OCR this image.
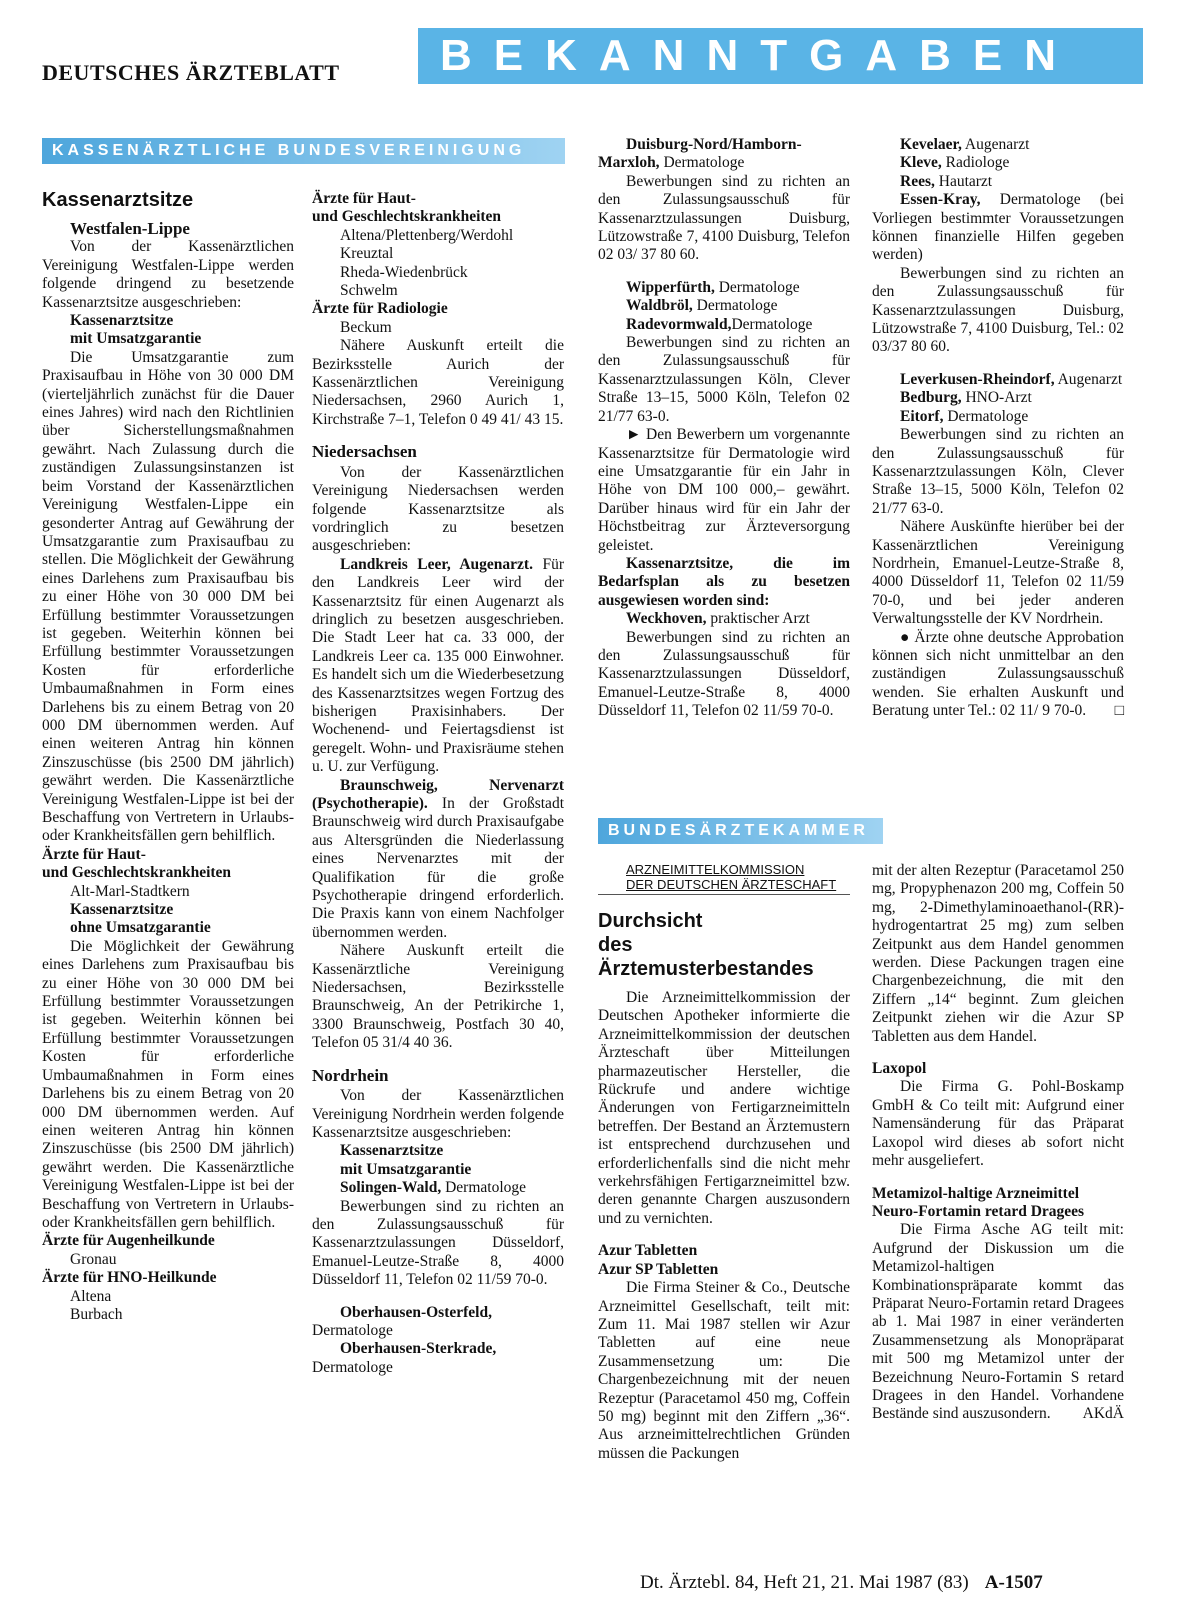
DEUTSCHES ÄRZTEBLATT	BEKANNTGABEN
KASSENÄRZTLICHE BUNDESVEREINIGUNG
BUNDESÄRZTEKAMMER

Kassenarztsitze

Westfalen-Lippe

Von der Kassenärztlichen Vereinigung Westfalen-Lippe werden folgende dringend zu besetzende Kassenarztsitze ausgeschrieben:

Kassenarztsitze

mit Umsatzgarantie

Die Umsatzgarantie zum Praxisaufbau in Höhe von 30 000 DM (vierteljährlich zunächst für die Dauer eines Jahres) wird nach den Richtlinien über Sicherstellungsmaßnahmen gewährt. Nach Zulassung durch die zuständigen Zulassungsinstanzen ist beim Vorstand der Kassenärztlichen Vereinigung Westfalen-Lippe ein gesonderter Antrag auf Gewährung der Umsatzgarantie zum Praxisaufbau zu stellen. Die Möglichkeit der Gewährung eines Darlehens zum Praxisaufbau bis zu einer Höhe von 30 000 DM bei Erfüllung bestimmter Voraussetzungen ist gegeben. Weiterhin können bei Erfüllung bestimmter Voraussetzungen Kosten für erforderliche Umbaumaßnahmen in Form eines Darlehens bis zu einem Betrag von 20 000 DM übernommen werden. Auf einen weiteren Antrag hin können Zinszuschüsse (bis 2500 DM jährlich) gewährt werden. Die Kassenärztliche Vereinigung Westfalen-Lippe ist bei der Beschaffung von Vertretern in Urlaubs- oder Krankheitsfällen gern behilflich.

Ärzte für Haut-

und Geschlechtskrankheiten

Alt-Marl-Stadtkern

Kassenarztsitze

ohne Umsatzgarantie

Die Möglichkeit der Gewährung eines Darlehens zum Praxisaufbau bis zu einer Höhe von 30 000 DM bei Erfüllung bestimmter Voraussetzungen ist gegeben. Weiterhin können bei Erfüllung bestimmter Voraussetzungen Kosten für erforderliche Umbaumaßnahmen in Form eines Darlehens bis zu einem Betrag von 20 000 DM übernommen werden. Auf einen weiteren Antrag hin können Zinszuschüsse (bis 2500 DM jährlich) gewährt werden. Die Kassenärztliche Vereinigung Westfalen-Lippe ist bei der Beschaffung von Vertretern in Urlaubs- oder Krankheitsfällen gern behilflich.

Ärzte für Augenheilkunde

Gronau

Ärzte für HNO-Heilkunde

Altena

Burbach

Ärzte für Haut-

und Geschlechtskrankheiten

Altena/Plettenberg/Werdohl

Kreuztal

Rheda-Wiedenbrück

Schwelm

Ärzte für Radiologie

Beckum

Nähere Auskunft erteilt die Bezirksstelle Aurich der Kassenärztlichen Vereinigung Niedersachsen, 2960 Aurich 1, Kirchstraße 7–1, Telefon 0 49 41/ 43 15.

Niedersachsen

Von der Kassenärztlichen Vereinigung Niedersachsen werden folgende Kassenarztsitze als vordringlich zu besetzen ausgeschrieben:

Landkreis Leer, Augenarzt. Für den Landkreis Leer wird der Kassenarztsitz für einen Augenarzt als dringlich zu besetzen ausgeschrieben. Die Stadt Leer hat ca. 33 000, der Landkreis Leer ca. 135 000 Einwohner. Es handelt sich um die Wiederbesetzung des Kassenarztsitzes wegen Fortzug des bisherigen Praxisinhabers. Der Wochenend- und Feiertagsdienst ist geregelt. Wohn- und Praxisräume stehen u. U. zur Verfügung.

Braunschweig, Nervenarzt (Psychotherapie). In der Großstadt Braunschweig wird durch Praxisaufgabe aus Altersgründen die Niederlassung eines Nervenarztes mit der Qualifikation für die große Psychotherapie dringend erforderlich. Die Praxis kann von einem Nachfolger übernommen werden.

Nähere Auskunft erteilt die Kassenärztliche Vereinigung Niedersachsen, Bezirksstelle Braunschweig, An der Petrikirche 1, 3300 Braunschweig, Postfach 30 40, Telefon 05 31/4 40 36.

Nordrhein

Von der Kassenärztlichen Vereinigung Nordrhein werden folgende Kassenarztsitze ausgeschrieben:

Kassenarztsitze

mit Umsatzgarantie

Solingen-Wald, Dermatologe

Bewerbungen sind zu richten an den Zulassungsausschuß für Kassenarztzulassungen Düsseldorf, Emanuel-Leutze-Straße 8, 4000 Düsseldorf 11, Telefon 02 11/59 70-0.

Oberhausen-Osterfeld, Dermatologe

Oberhausen-Sterkrade, Dermatologe

Duisburg-Nord/Hamborn-Marxloh, Dermatologe

Bewerbungen sind zu richten an den Zulassungsausschuß für Kassenarztzulassungen Duisburg, Lützowstraße 7, 4100 Duisburg, Telefon 02 03/ 37 80 60.

Wipperfürth, Dermatologe

Waldbröl, Dermatologe

Radevormwald,Dermatologe

Bewerbungen sind zu richten an den Zulassungsausschuß für Kassenarztzulassungen Köln, Clever Straße 13–15, 5000 Köln, Telefon 02 21/77 63-0.

► Den Bewerbern um vorgenannte Kassenarztsitze für Dermatologie wird eine Umsatzgarantie für ein Jahr in Höhe von DM 100 000,– gewährt. Darüber hinaus wird für ein Jahr der Höchstbeitrag zur Ärzteversorgung geleistet.

Kassenarztsitze, die im Bedarfsplan als zu besetzen ausgewiesen worden sind:

Weckhoven, praktischer Arzt

Bewerbungen sind zu richten an den Zulassungsausschuß für Kassenarztzulassungen Düsseldorf, Emanuel-Leutze-Straße 8, 4000 Düsseldorf 11, Telefon 02 11/59 70-0.

Kevelaer, Augenarzt

Kleve, Radiologe

Rees, Hautarzt

Essen-Kray, Dermatologe (bei Vorliegen bestimmter Voraussetzungen können finanzielle Hilfen gegeben werden)

Bewerbungen sind zu richten an den Zulassungsausschuß für Kassenarztzulassungen Duisburg, Lützowstraße 7, 4100 Duisburg, Tel.: 02 03/37 80 60.

Leverkusen-Rheindorf, Augenarzt

Bedburg, HNO-Arzt

Eitorf, Dermatologe

Bewerbungen sind zu richten an den Zulassungsausschuß für Kassenarztzulassungen Köln, Clever Straße 13–15, 5000 Köln, Telefon 02 21/77 63-0.

Nähere Auskünfte hierüber bei der Kassenärztlichen Vereinigung Nordrhein, Emanuel-Leutze-Straße 8, 4000 Düsseldorf 11, Telefon 02 11/59 70-0, und bei jeder anderen Verwaltungsstelle der KV Nordrhein.

● Ärzte ohne deutsche Approbation können sich nicht unmittelbar an den zuständigen Zulassungsausschuß wenden. Sie erhalten Auskunft und Beratung unter Tel.: 02 11/ 9 70-0.	□

ARZNEIMITTELKOMMISSION

DER DEUTSCHEN ÄRZTESCHAFT

Durchsicht

des Ärztemusterbestandes

Die Arzneimittelkommission der Deutschen Apotheker informierte die Arzneimittelkommission der deutschen Ärzteschaft über Mitteilungen pharmazeutischer Hersteller, die Rückrufe und andere wichtige Änderungen von Fertigarzneimitteln betreffen. Der Bestand an Ärztemustern ist entsprechend durchzusehen und erforderlichenfalls sind die nicht mehr verkehrsfähigen Fertigarzneimittel bzw. deren genannte Chargen auszusondern und zu vernichten.

Azur Tabletten

Azur SP Tabletten

Die Firma Steiner & Co., Deutsche Arzneimittel Gesellschaft, teilt mit: Zum 11. Mai 1987 stellen wir Azur Tabletten auf eine neue Zusammensetzung um: Die Chargenbezeichnung mit der neuen Rezeptur (Paracetamol 450 mg, Coffein 50 mg) beginnt mit den Ziffern „36“. Aus arzneimittelrechtlichen Gründen müssen die Packungen

mit der alten Rezeptur (Paracetamol 250 mg, Propyphenazon 200 mg, Coffein 50 mg, 2-Dimethylaminoaethanol-(RR)-hydrogentartrat 25 mg) zum selben Zeitpunkt aus dem Handel genommen werden. Diese Packungen tragen eine Chargenbezeichnung, die mit den Ziffern „14“ beginnt. Zum gleichen Zeitpunkt ziehen wir die Azur SP Tabletten aus dem Handel.

Laxopol

Die Firma G. Pohl-Boskamp GmbH & Co teilt mit: Aufgrund einer Namensänderung für das Präparat Laxopol wird dieses ab sofort nicht mehr ausgeliefert.

Metamizol-haltige Arzneimittel

Neuro-Fortamin retard Dragees

Die Firma Asche AG teilt mit: Aufgrund der Diskussion um die Metamizol-haltigen Kombinationspräparate kommt das Präparat Neuro-Fortamin retard Dragees ab 1. Mai 1987 in einer veränderten Zusammensetzung als Monopräparat mit 500 mg Metamizol unter der Bezeichnung Neuro-Fortamin S retard Dragees in den Handel. Vorhandene Bestände sind auszusondern.	AKdÄ

Dt. Ärztebl. 84, Heft 21, 21. Mai 1987 (83) A-1507
